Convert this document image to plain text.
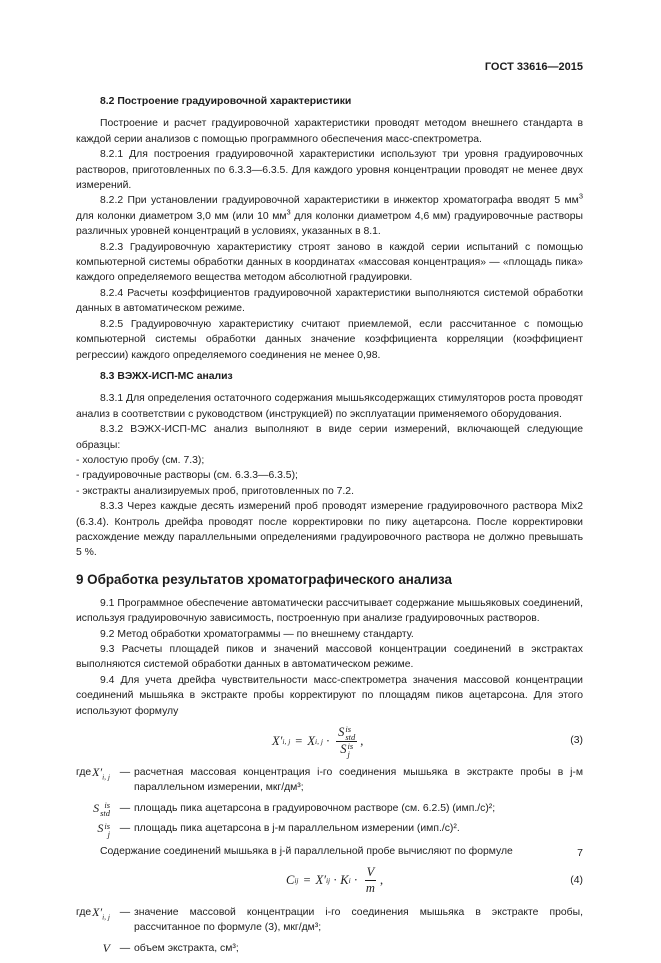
ГОСТ 33616—2015

8.2 Построение градуировочной характеристики

Построение и расчет градуировочной характеристики проводят методом внешнего стандарта в каждой серии анализов с помощью программного обеспечения масс-спектрометра.

8.2.1 Для построения градуировочной характеристики используют три уровня градуировочных растворов, приготовленных по 6.3.3—6.3.5. Для каждого уровня концентрации проводят не менее двух измерений.

8.2.2 При установлении градуировочной характеристики в инжектор хроматографа вводят 5 $мм^3$ для колонки диаметром 3,0 мм (или 10 $мм^3$ для колонки диаметром 4,6 мм) градуировочные растворы различных уровней концентраций в условиях, указанных в 8.1.

8.2.3 Градуировочную характеристику строят заново в каждой серии испытаний с помощью компьютерной системы обработки данных в координатах «массовая концентрация» — «площадь пика» каждого определяемого вещества методом абсолютной градуировки.

8.2.4 Расчеты коэффициентов градуировочной характеристики выполняются системой обработки данных в автоматическом режиме.

8.2.5 Градуировочную характеристику считают приемлемой, если рассчитанное с помощью компьютерной системы обработки данных значение коэффициента корреляции (коэффициент регрессии) каждого определяемого соединения не менее 0,98.

8.3 ВЭЖХ-ИСП-МС анализ

8.3.1 Для определения остаточного содержания мышьяксодержащих стимуляторов роста проводят анализ в соответствии с руководством (инструкцией) по эксплуатации применяемого оборудования.

8.3.2 ВЭЖХ-ИСП-МС анализ выполняют в виде серии измерений, включающей следующие образцы:

- холостую пробу (см. 7.3);

- градуировочные растворы (см. 6.3.3—6.3.5);

- экстракты анализируемых проб, приготовленных по 7.2.

8.3.3 Через каждые десять измерений проб проводят измерение градуировочного раствора Mix2 (6.3.4). Контроль дрейфа проводят после корректировки по пику ацетарсона. После корректировки расхождение между параллельными определениями градуировочного раствора не должно превышать 5 %.

9 Обработка результатов хроматографического анализа

9.1 Программное обеспечение автоматически рассчитывает содержание мышьяковых соединений, используя градуировочную зависимость, построенную при анализе градуировочных растворов.

9.2 Метод обработки хроматограммы — по внешнему стандарту.

9.3 Расчеты площадей пиков и значений массовой концентрации соединений в экстрактах выполняются системой обработки данных в автоматическом режиме.

9.4 Для учета дрейфа чувствительности масс-спектрометра значения массовой концентрации соединений мышьяка в экстракте пробы корректируют по площадям пиков ацетарсона. Для этого используют формулу

X′ i, j = X i, j · S is
std
S is
j ,	(3)
где $X'_{i, j}$ — расчетная массовая концентрация i-го соединения мышьяка в экстракте пробы в j-м параллельном измерении, мкг/дм³;
S is
std — площадь пика ацетарсона в градуировочном растворе (см. 6.2.5) (имп./с)²;
S is
j — площадь пика ацетарсона в j-м параллельном измерении (имп./с)².

Содержание соединений мышьяка в j-й параллельной пробе вычисляют по формуле

C ij = X′ ij · K $i \cdot \frac{V}{m}$ ,	(4)
где $X'_{i, j}$ — значение массовой концентрации i-го соединения мышьяка в экстракте пробы, рассчитанное по формуле (3), мкг/дм³;
V — объем экстракта, см³;
7
